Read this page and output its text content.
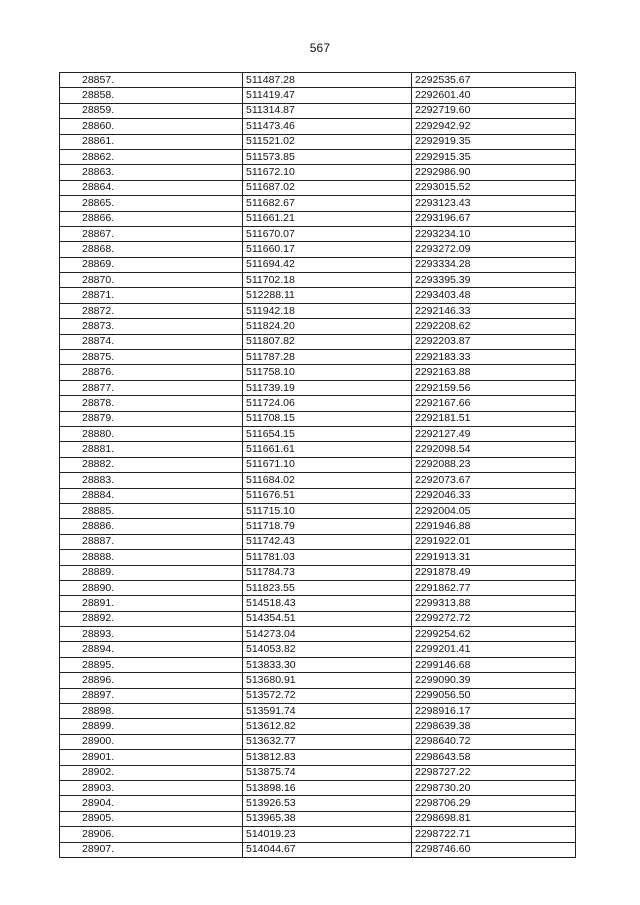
567
28857.	511487.28	2292535.67
28858.	511419.47	2292601.40
28859.	511314.87	2292719.60
28860.	511473.46	2292942.92
28861.	511521.02	2292919.35
28862.	511573.85	2292915.35
28863.	511672.10	2292986.90
28864.	511687.02	2293015.52
28865.	511682.67	2293123.43
28866.	511661.21	2293196.67
28867.	511670.07	2293234.10
28868.	511660.17	2293272.09
28869.	511694.42	2293334.28
28870.	511702.18	2293395.39
28871.	512288.11	2293403.48
28872.	511942.18	2292146.33
28873.	511824.20	2292208.62
28874.	511807.82	2292203.87
28875.	511787.28	2292183.33
28876.	511758.10	2292163.88
28877.	511739.19	2292159.56
28878.	511724.06	2292167.66
28879.	511708.15	2292181.51
28880.	511654.15	2292127.49
28881.	511661.61	2292098.54
28882.	511671.10	2292088.23
28883.	511684.02	2292073.67
28884.	511676.51	2292046.33
28885.	511715.10	2292004.05
28886.	511718.79	2291946.88
28887.	511742.43	2291922.01
28888.	511781.03	2291913.31
28889.	511784.73	2291878.49
28890.	511823.55	2291862.77
28891.	514518.43	2299313.88
28892.	514354.51	2299272.72
28893.	514273.04	2299254.62
28894.	514053.82	2299201.41
28895.	513833.30	2299146.68
28896.	513680.91	2299090.39
28897.	513572.72	2299056.50
28898.	513591.74	2298916.17
28899.	513612.82	2298639.38
28900.	513632.77	2298640.72
28901.	513812.83	2298643.58
28902.	513875.74	2298727.22
28903.	513898.16	2298730.20
28904.	513926.53	2298706.29
28905.	513965.38	2298698.81
28906.	514019.23	2298722.71
28907.	514044.67	2298746.60
